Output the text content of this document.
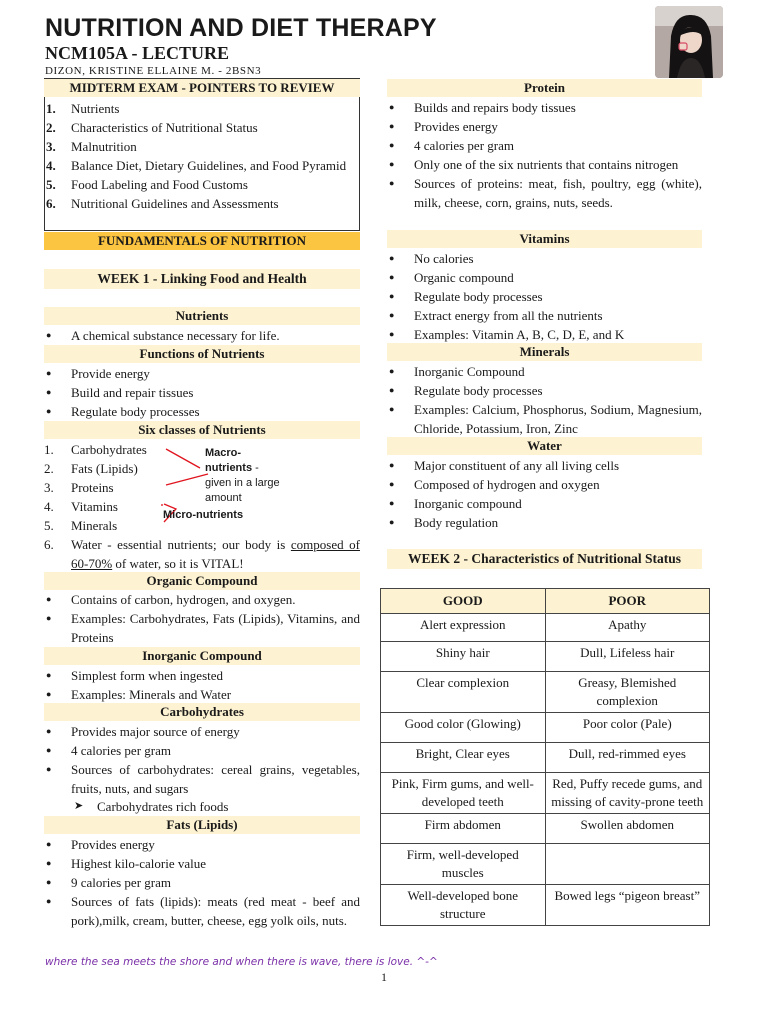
NUTRITION AND DIET THERAPY
NCM105A - LECTURE
DIZON, KRISTINE ELLAINE M. - 2BSN3
MIDTERM EXAM - POINTERS TO REVIEW
1. Nutrients
2. Characteristics of Nutritional Status
3. Malnutrition
4. Balance Diet, Dietary Guidelines, and Food Pyramid
5. Food Labeling and Food Customs
6. Nutritional Guidelines and Assessments
FUNDAMENTALS OF NUTRITION
WEEK 1 - Linking Food and Health
Nutrients
● A chemical substance necessary for life.
Functions of Nutrients
● Provide energy
● Build and repair tissues
● Regulate body processes
Six classes of Nutrients
1. Carbohydrates
2. Fats (Lipids)
3. Proteins
4. Vitamins
5. Minerals
6. Water - essential nutrients; our body is composed of 60-70% of water, so it is VITAL!
Macro-
nutrients -
given in a large amount
Micro-nutrients
Organic Compound
● Contains of carbon, hydrogen, and oxygen.
● Examples: Carbohydrates, Fats (Lipids), Vitamins, and Proteins
Inorganic Compound
● Simplest form when ingested
● Examples: Minerals and Water
Carbohydrates
● Provides major source of energy
● 4 calories per gram
● Sources of carbohydrates: cereal grains, vegetables, fruits, nuts, and sugars
➤ Carbohydrates rich foods
Fats (Lipids)
● Provides energy
● Highest kilo-calorie value
● 9 calories per gram
● Sources of fats (lipids): meats (red meat - beef and pork),milk, cream, butter, cheese, egg yolk oils, nuts.
Protein
● Builds and repairs body tissues
● Provides energy
● 4 calories per gram
● Only one of the six nutrients that contains nitrogen
● Sources of proteins: meat, fish, poultry, egg (white), milk, cheese, corn, grains, nuts, seeds.
Vitamins
● No calories
● Organic compound
● Regulate body processes
● Extract energy from all the nutrients
● Examples: Vitamin A, B, C, D, E, and K
Minerals
● Inorganic Compound
● Regulate body processes
● Examples: Calcium, Phosphorus, Sodium, Magnesium, Chloride, Potassium, Iron, Zinc
Water
● Major constituent of any all living cells
● Composed of hydrogen and oxygen
● Inorganic compound
● Body regulation
WEEK 2 - Characteristics of Nutritional Status
GOOD	POOR
Alert expression	Apathy
Shiny hair	Dull, Lifeless hair
Clear complexion	Greasy, Blemished complexion
Good color (Glowing)	Poor color (Pale)
Bright, Clear eyes	Dull, red-rimmed eyes
Pink, Firm gums, and well-developed teeth	Red, Puffy recede gums, and missing of cavity-prone teeth
Firm abdomen	Swollen abdomen
Firm, well-developed muscles	
Well-developed bone structure	Bowed legs “pigeon breast”
where the sea meets the shore and when there is wave, there is love. ^-^
1
